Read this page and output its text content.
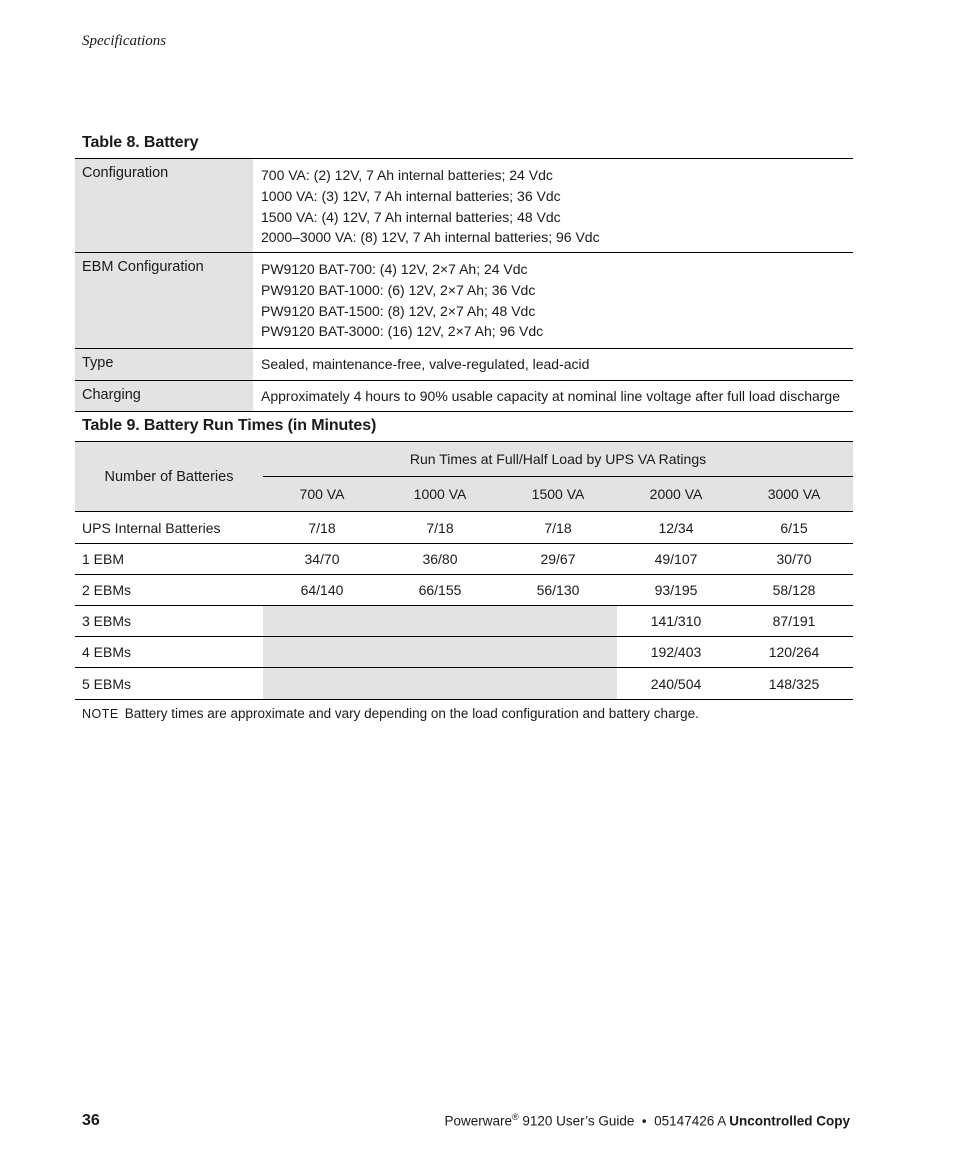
Specifications
Table 8. Battery
Configuration	700 VA: (2) 12V, 7 Ah internal batteries; 24 Vdc
1000 VA: (3) 12V, 7 Ah internal batteries; 36 Vdc
1500 VA: (4) 12V, 7 Ah internal batteries; 48 Vdc
2000–3000 VA: (8) 12V, 7 Ah internal batteries; 96 Vdc
EBM Configuration	PW9120 BAT-700: (4) 12V, 2×7 Ah; 24 Vdc
PW9120 BAT-1000: (6) 12V, 2×7 Ah; 36 Vdc
PW9120 BAT-1500: (8) 12V, 2×7 Ah; 48 Vdc
PW9120 BAT-3000: (16) 12V, 2×7 Ah; 96 Vdc
Type	Sealed, maintenance-free, valve-regulated, lead-acid
Charging	Approximately 4 hours to 90% usable capacity at nominal line voltage after full load discharge
Table 9. Battery Run Times (in Minutes)
Number of Batteries	Run Times at Full/Half Load by UPS VA Ratings				
	700 VA	1000 VA	1500 VA	2000 VA	3000 VA
UPS Internal Batteries	7/18	7/18	7/18	12/34	6/15
1 EBM	34/70	36/80	29/67	49/107	30/70
2 EBMs	64/140	66/155	56/130	93/195	58/128
3 EBMs				141/310	87/191
4 EBMs				192/403	120/264
5 EBMs				240/504	148/325
NOTE Battery times are approximate and vary depending on the load configuration and battery charge.
36	Powerware® 9120 User’s Guide  •  05147426 A Uncontrolled Copy
